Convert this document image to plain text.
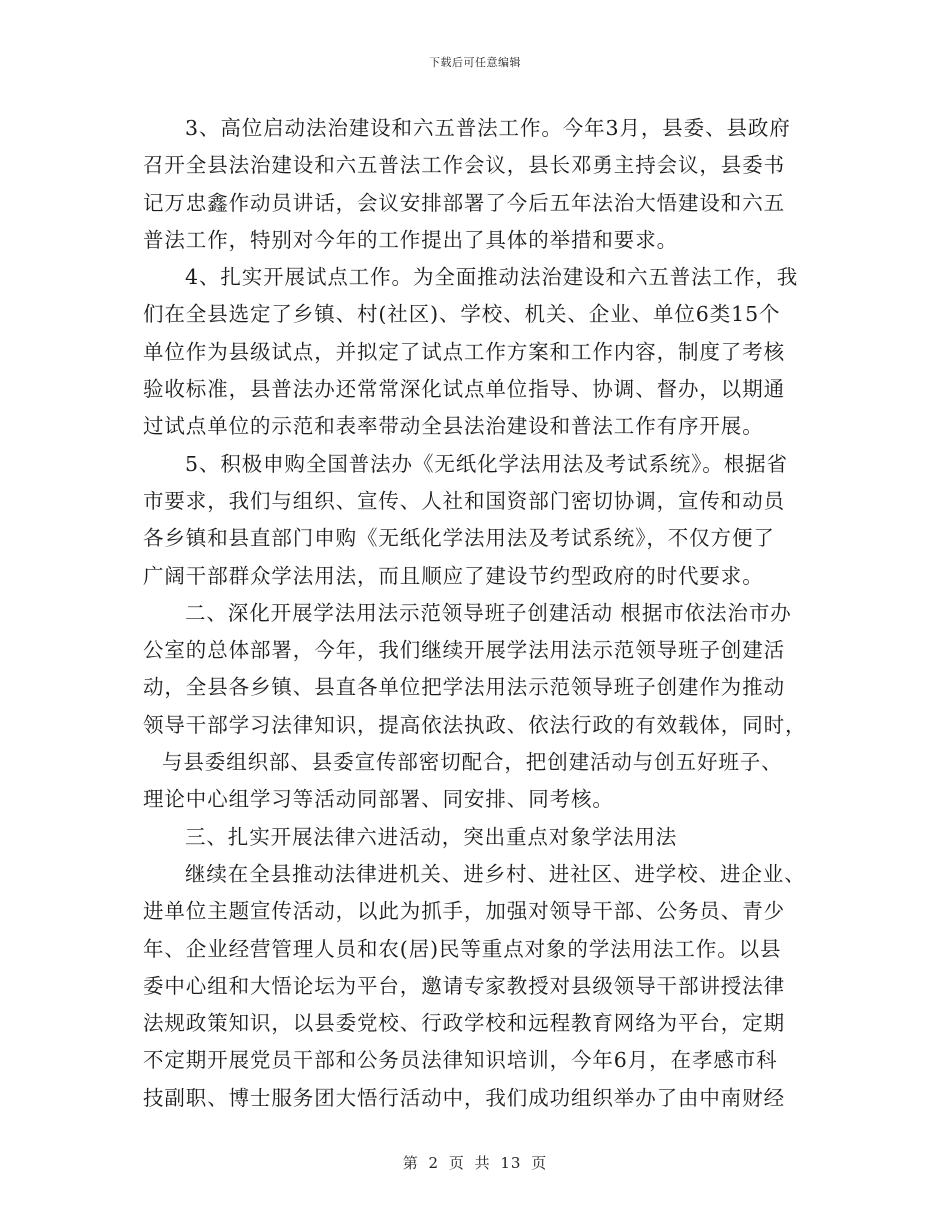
下载后可任意编辑
3、高位启动法治建设和六五普法工作。今年3月，县委、县政府
召开全县法治建设和六五普法工作会议，县长邓勇主持会议，县委书
记万忠鑫作动员讲话，会议安排部署了今后五年法治大悟建设和六五
普法工作，特别对今年的工作提出了具体的举措和要求。
4、扎实开展试点工作。为全面推动法治建设和六五普法工作，我
们在全县选定了乡镇、村(社区)、学校、机关、企业、单位6类15个
单位作为县级试点，并拟定了试点工作方案和工作内容，制度了考核
验收标准，县普法办还常常深化试点单位指导、协调、督办，以期通
过试点单位的示范和表率带动全县法治建设和普法工作有序开展。
5、积极申购全国普法办《无纸化学法用法及考试系统》。根据省
市要求，我们与组织、宣传、人社和国资部门密切协调，宣传和动员
各乡镇和县直部门申购《无纸化学法用法及考试系统》，不仅方便了
广阔干部群众学法用法，而且顺应了建设节约型政府的时代要求。
二、深化开展学法用法示范领导班子创建活动 根据市依法治市办
公室的总体部署，今年，我们继续开展学法用法示范领导班子创建活
动，全县各乡镇、县直各单位把学法用法示范领导班子创建作为推动
领导干部学习法律知识，提高依法执政、依法行政的有效载体，同时，
与县委组织部、县委宣传部密切配合，把创建活动与创五好班子、
理论中心组学习等活动同部署、同安排、同考核。
三、扎实开展法律六进活动，突出重点对象学法用法
继续在全县推动法律进机关、进乡村、进社区、进学校、进企业、
进单位主题宣传活动，以此为抓手，加强对领导干部、公务员、青少
年、企业经营管理人员和农(居)民等重点对象的学法用法工作。以县
委中心组和大悟论坛为平台，邀请专家教授对县级领导干部讲授法律
法规政策知识，以县委党校、行政学校和远程教育网络为平台，定期
不定期开展党员干部和公务员法律知识培训，今年6月，在孝感市科
技副职、博士服务团大悟行活动中，我们成功组织举办了由中南财经
第 2 页 共 13 页
